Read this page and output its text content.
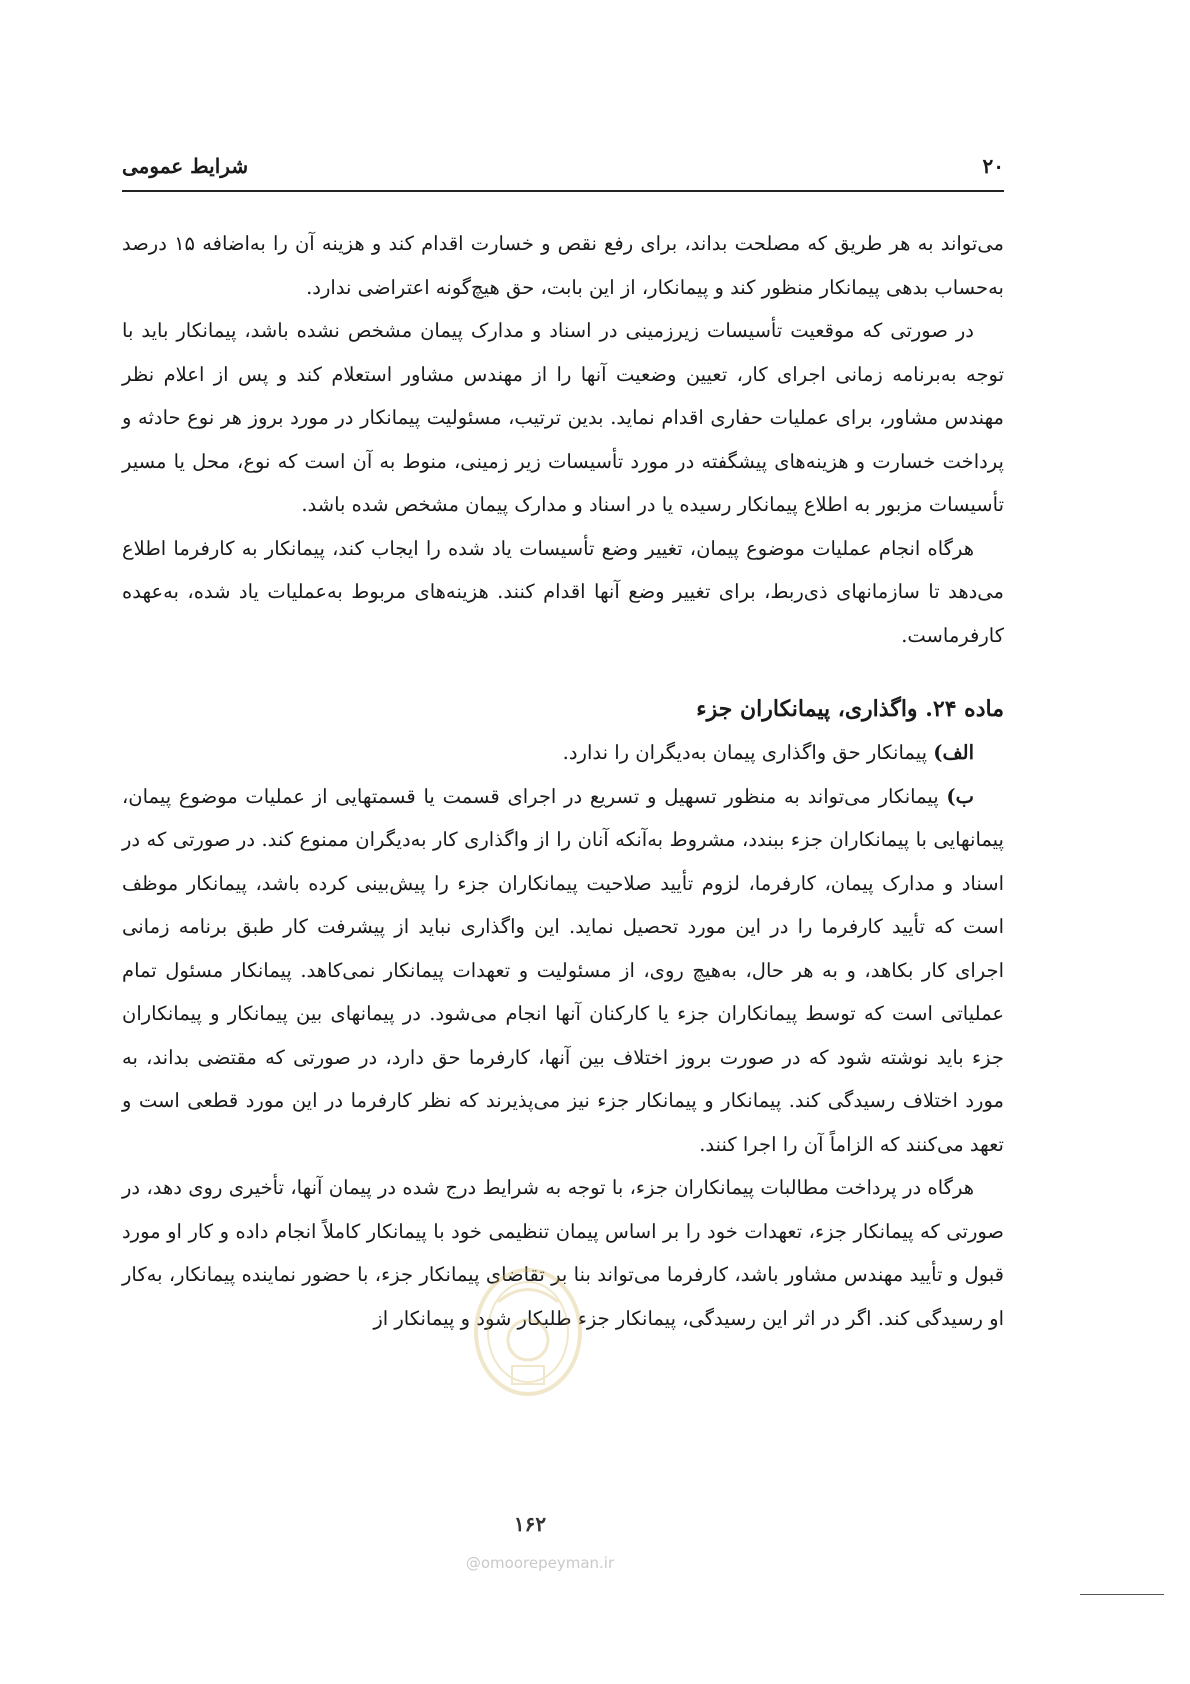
۲۰
شرایط عمومی

می‌تواند به هر طریق که مصلحت بداند، برای رفع نقص و خسارت اقدام کند و هزینه آن را به‌اضافه ۱۵ درصد به‌حساب بدهی پیمانکار منظور کند و پیمانکار، از این بابت، حق هیچ‌گونه اعتراضی ندارد.

در صورتی که موقعیت تأسیسات زیرزمینی در اسناد و مدارک پیمان مشخص نشده باشد، پیمانکار باید با توجه به‌برنامه زمانی اجرای کار، تعیین وضعیت آنها را از مهندس مشاور استعلام کند و پس از اعلام نظر مهندس مشاور، برای عملیات حفاری اقدام نماید. بدین ترتیب، مسئولیت پیمانکار در مورد بروز هر نوع حادثه و پرداخت خسارت و هزینه‌های پیشگفته در مورد تأسیسات زیر زمینی، منوط به آن است که نوع، محل یا مسیر تأسیسات مزبور به اطلاع پیمانکار رسیده یا در اسناد و مدارک پیمان مشخص شده باشد.

هرگاه انجام عملیات موضوع پیمان، تغییر وضع تأسیسات یاد شده را ایجاب کند، پیمانکار به کارفرما اطلاع می‌دهد تا سازمانهای ذی‌ربط، برای تغییر وضع آنها اقدام کنند. هزینه‌های مربوط به‌عملیات یاد شده، به‌عهده کارفرماست.

ماده ۲۴. واگذاری، پیمانکاران جزء

الف) پیمانکار حق واگذاری پیمان به‌دیگران را ندارد.

ب) پیمانکار می‌تواند به منظور تسهیل و تسریع در اجرای قسمت یا قسمتهایی از عملیات موضوع پیمان، پیمانهایی با پیمانکاران جزء ببندد، مشروط به‌آنکه آنان را از واگذاری کار به‌دیگران ممنوع کند. در صورتی که در اسناد و مدارک پیمان، کارفرما، لزوم تأیید صلاحیت پیمانکاران جزء را پیش‌بینی کرده باشد، پیمانکار موظف است که تأیید کارفرما را در این مورد تحصیل نماید. این واگذاری نباید از پیشرفت کار طبق برنامه زمانی اجرای کار بکاهد، و به هر حال، به‌هیچ روی، از مسئولیت و تعهدات پیمانکار نمی‌کاهد. پیمانکار مسئول تمام عملیاتی است که توسط پیمانکاران جزء یا کارکنان آنها انجام می‌شود. در پیمانهای بین پیمانکار و پیمانکاران جزء باید نوشته شود که در صورت بروز اختلاف بین آنها، کارفرما حق دارد، در صورتی که مقتضی بداند، به مورد اختلاف رسیدگی کند. پیمانکار و پیمانکار جزء نیز می‌پذیرند که نظر کارفرما در این مورد قطعی است و تعهد می‌کنند که الزاماً آن را اجرا کنند.

هرگاه در پرداخت مطالبات پیمانکاران جزء، با توجه به شرایط درج شده در پیمان آنها، تأخیری روی دهد، در صورتی که پیمانکار جزء، تعهدات خود را بر اساس پیمان تنظیمی خود با پیمانکار کاملاً انجام داده و کار او مورد قبول و تأیید مهندس مشاور باشد، کارفرما می‌تواند بنا بر تقاضای پیمانکار جزء، با حضور نماینده پیمانکار، به‌کار او رسیدگی کند. اگر در اثر این رسیدگی، پیمانکار جزء طلبکار شود و پیمانکار از

۱۶۲
@omoorepeyman.ir
